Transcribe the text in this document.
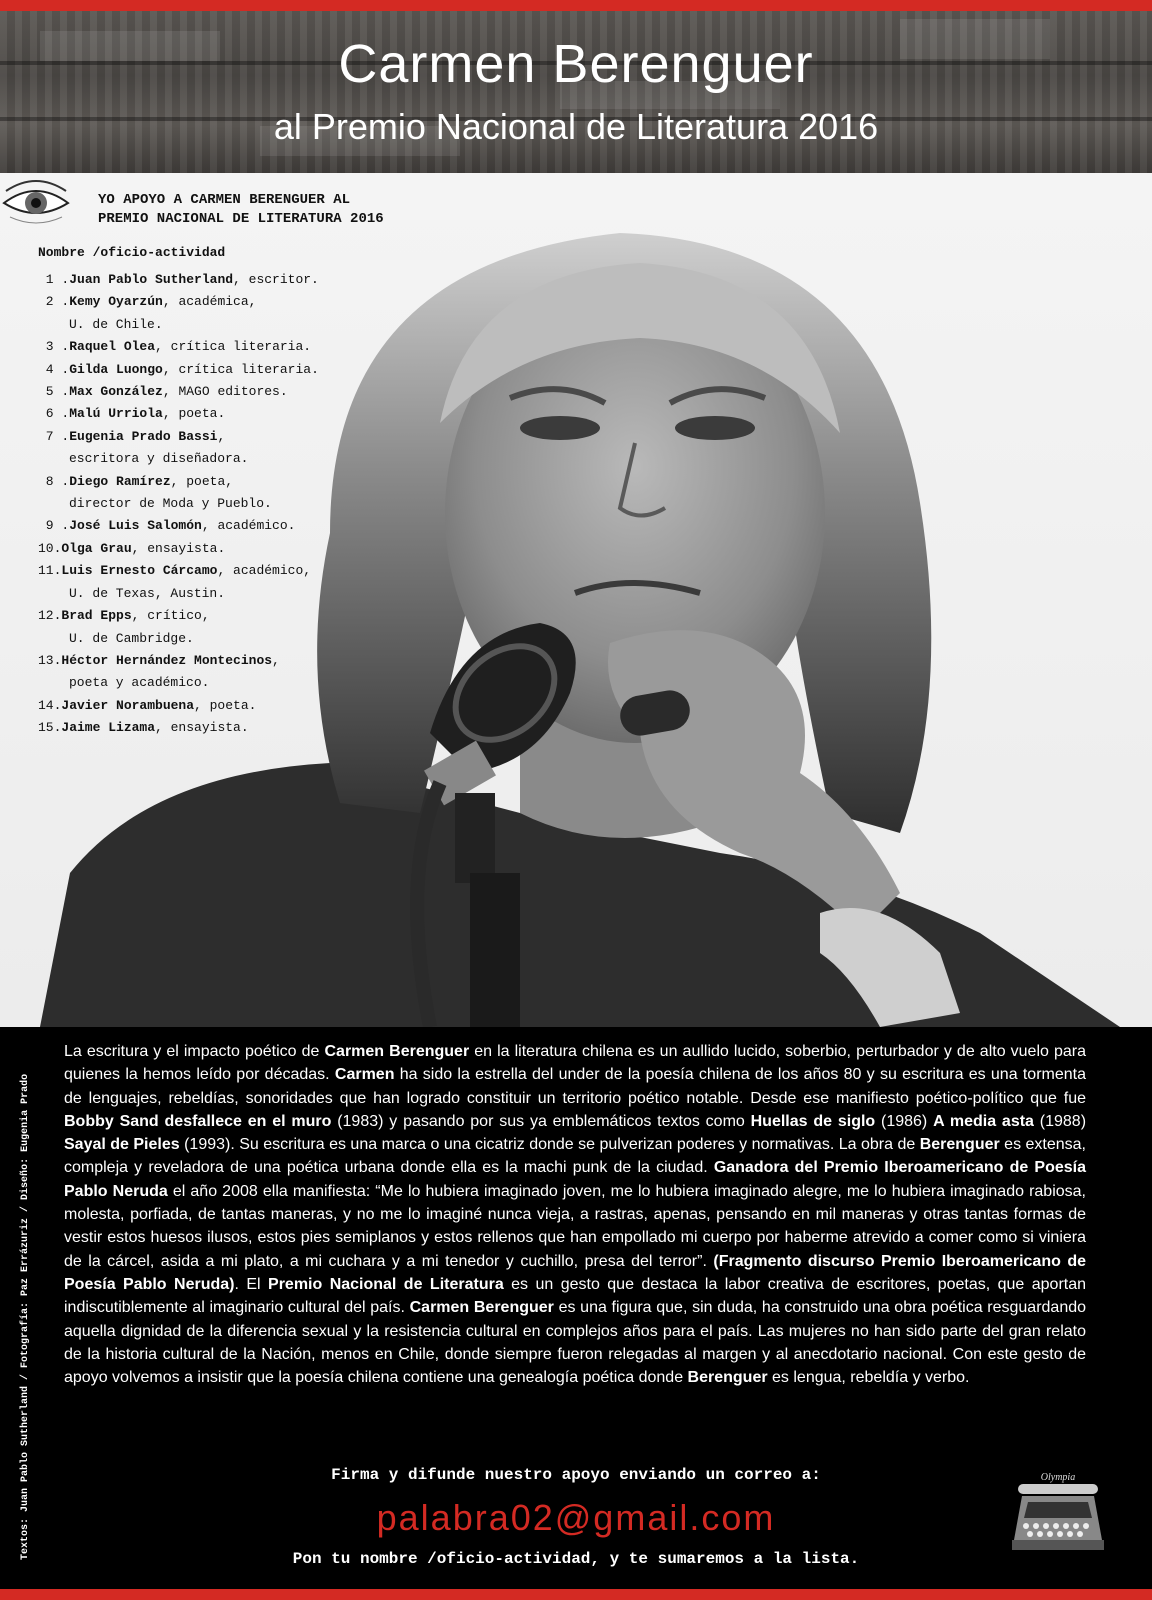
Carmen Berenguer
al Premio Nacional de Literatura 2016
YO APOYO A CARMEN BERENGUER AL
PREMIO NACIONAL DE LITERATURA 2016
Nombre /oficio-actividad
1 .Juan Pablo Sutherland, escritor.
2 .Kemy Oyarzún, académica,
U. de Chile.
3 .Raquel Olea, crítica literaria.
4 .Gilda Luongo, crítica literaria.
5 .Max González, MAGO editores.
6 .Malú Urriola, poeta.
7 .Eugenia Prado Bassi,
escritora y diseñadora.
8 .Diego Ramírez, poeta,
director de Moda y Pueblo.
9 .José Luis Salomón, académico.
10.Olga Grau, ensayista.
11.Luis Ernesto Cárcamo, académico,
U. de Texas, Austin.
12.Brad Epps, crítico,
U. de Cambridge.
13.Héctor Hernández Montecinos,
poeta y académico.
14.Javier Norambuena, poeta.
15.Jaime Lizama, ensayista.
Textos: Juan Pablo Sutherland / Fotografía: Paz Errázuriz / Diseño: Eugenia Prado
La escritura y el impacto poético de Carmen Berenguer en la literatura chilena es un aullido lucido, soberbio, perturbador y de alto vuelo para quienes la hemos leído por décadas. Carmen ha sido la estrella del under de la poesía chilena de los años 80 y su escritura es una tormenta de lenguajes, rebeldías, sonoridades que han logrado constituir un territorio poético notable. Desde ese manifiesto poético-político que fue Bobby Sand desfallece en el muro (1983) y pasando por sus ya emblemáticos textos como Huellas de siglo (1986) A media asta (1988) Sayal de Pieles (1993). Su escritura es una marca o una cicatriz donde se pulverizan poderes y normativas. La obra de Berenguer es extensa, compleja y reveladora de una poética urbana donde ella es la machi punk de la ciudad. Ganadora del Premio Iberoamericano de Poesía Pablo Neruda el año 2008 ella manifiesta: “Me lo hubiera imaginado joven, me lo hubiera imaginado alegre, me lo hubiera imaginado rabiosa, molesta, porfiada, de tantas maneras, y no me lo imaginé nunca vieja, a rastras, apenas, pensando en mil maneras y otras tantas formas de vestir estos huesos ilusos, estos pies semiplanos y estos rellenos que han empollado mi cuerpo por haberme atrevido a comer como si viniera de la cárcel, asida a mi plato, a mi cuchara y a mi tenedor y cuchillo, presa del terror”. (Fragmento discurso Premio Iberoamericano de Poesía Pablo Neruda). El Premio Nacional de Literatura es un gesto que destaca la labor creativa de escritores, poetas, que aportan indiscutiblemente al imaginario cultural del país. Carmen Berenguer es una figura que, sin duda, ha construido una obra poética resguardando aquella dignidad de la diferencia sexual y la resistencia cultural en complejos años para el país. Las mujeres no han sido parte del gran relato de la historia cultural de la Nación, menos en Chile, donde siempre fueron relegadas al margen y al anecdotario nacional. Con este gesto de apoyo volvemos a insistir que la poesía chilena contiene una genealogía poética donde Berenguer es lengua, rebeldía y verbo.
Firma y difunde nuestro apoyo enviando un correo a:
palabra02@gmail.com
Pon tu nombre /oficio-actividad, y te sumaremos a la lista.
Olympia
